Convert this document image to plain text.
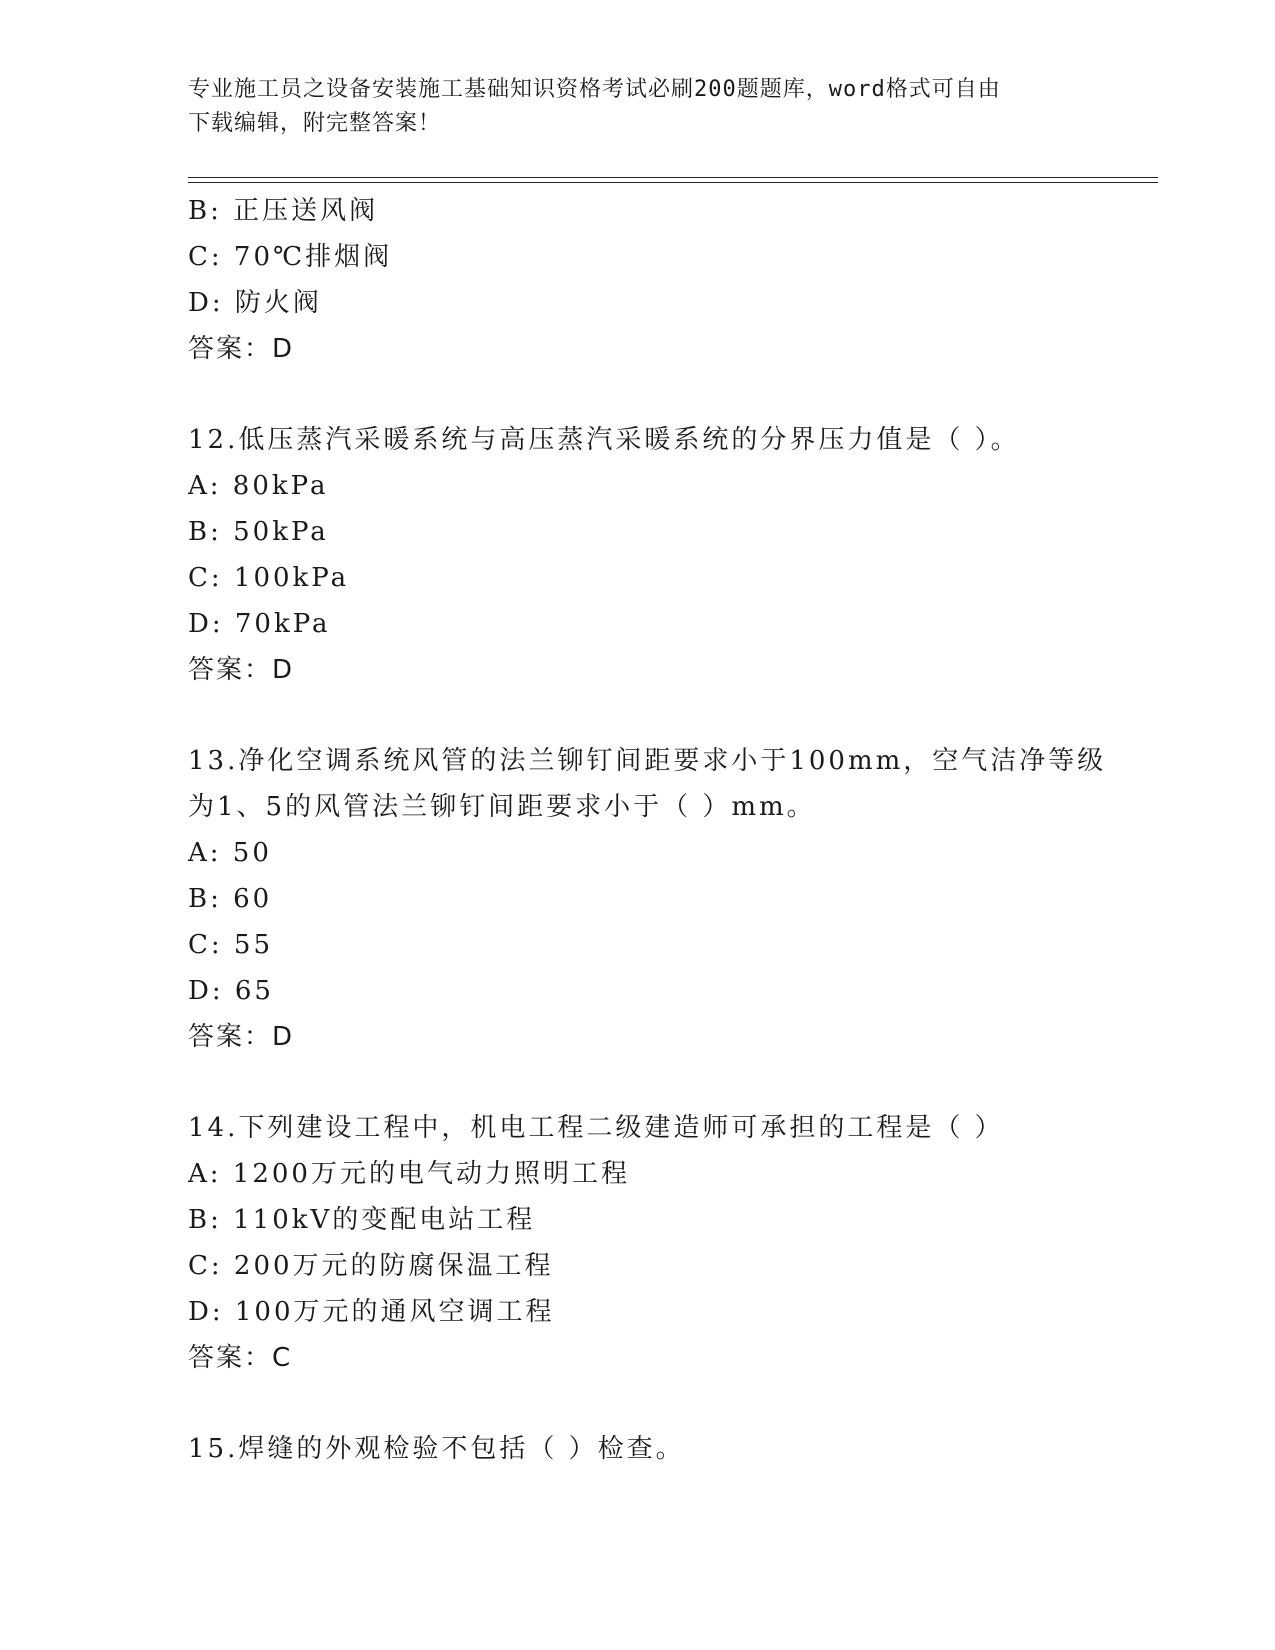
专业施工员之设备安装施工基础知识资格考试必刷200题题库，word格式可自由

下载编辑，附完整答案！

B: 正压送风阀
C: 70℃排烟阀
D: 防火阀
答案：D
12.低压蒸汽采暖系统与高压蒸汽采暖系统的分界压力值是（ ）。
A: 80kPa
B: 50kPa
C: 100kPa
D: 70kPa
答案：D
13.净化空调系统风管的法兰铆钉间距要求小于100mm，空气洁净等级
为1、5的风管法兰铆钉间距要求小于（ ）mm。
A: 50
B: 60
C: 55
D: 65
答案：D
14.下列建设工程中，机电工程二级建造师可承担的工程是（ ）
A: 1200万元的电气动力照明工程
B: 110kV的变配电站工程
C: 200万元的防腐保温工程
D: 100万元的通风空调工程
答案：C
15.焊缝的外观检验不包括（ ）检查。
